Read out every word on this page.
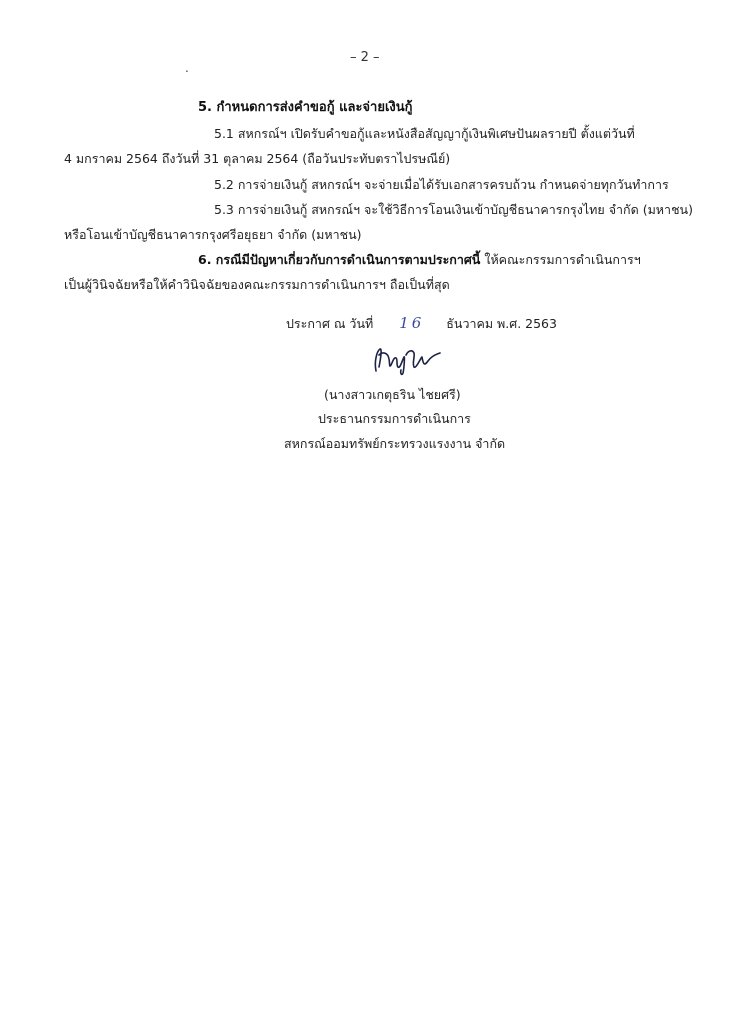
– 2 –
.
5. กำหนดการส่งคำขอกู้ และจ่ายเงินกู้
5.1 สหกรณ์ฯ เปิดรับคำขอกู้และหนังสือสัญญากู้เงินพิเศษปันผลรายปี ตั้งแต่วันที่
4 มกราคม 2564 ถึงวันที่ 31 ตุลาคม 2564 (ถือวันประทับตราไปรษณีย์)
5.2 การจ่ายเงินกู้ สหกรณ์ฯ จะจ่ายเมื่อได้รับเอกสารครบถ้วน กำหนดจ่ายทุกวันทำการ
5.3 การจ่ายเงินกู้ สหกรณ์ฯ จะใช้วิธีการโอนเงินเข้าบัญชีธนาคารกรุงไทย จำกัด (มหาชน)
หรือโอนเข้าบัญชีธนาคารกรุงศรีอยุธยา จำกัด (มหาชน)
6. กรณีมีปัญหาเกี่ยวกับการดำเนินการตามประกาศนี้ ให้คณะกรรมการดำเนินการฯ
เป็นผู้วินิจฉัยหรือให้คำวินิจฉัยของคณะกรรมการดำเนินการฯ ถือเป็นที่สุด
ประกาศ ณ วันที่ 16 ธันวาคม พ.ศ. 2563
(นางสาวเกตุธริน ไชยศรี)
ประธานกรรมการดำเนินการ
สหกรณ์ออมทรัพย์กระทรวงแรงงาน จำกัด
